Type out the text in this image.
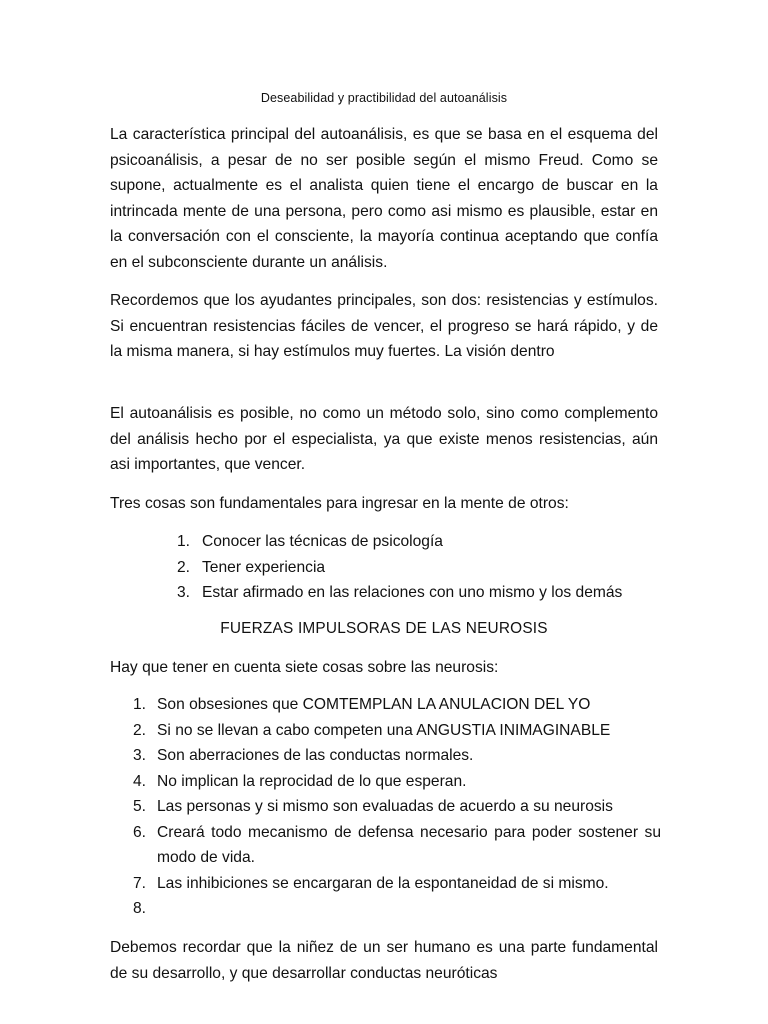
Deseabilidad y practibilidad del autoanálisis

La característica principal del autoanálisis, es que se basa en el esquema del psicoanálisis, a pesar de no ser posible según el mismo Freud. Como se supone, actualmente es el analista quien tiene el encargo de buscar en la intrincada mente de una persona, pero como asi mismo es plausible, estar en la conversación con el consciente, la mayoría continua aceptando que confía en el subconsciente durante un análisis.

Recordemos que los ayudantes principales, son dos: resistencias y estímulos. Si encuentran resistencias fáciles de vencer, el progreso se hará rápido, y de la misma manera, si hay estímulos muy fuertes. La visión dentro

El autoanálisis es posible, no como un método solo, sino como complemento del análisis hecho por el especialista, ya que existe menos resistencias, aún asi importantes, que vencer.

Tres cosas son fundamentales para ingresar en la mente de otros:

1. Conocer las técnicas de psicología
2. Tener experiencia
3. Estar afirmado en las relaciones con uno mismo y los demás
FUERZAS IMPULSORAS DE LAS NEUROSIS

Hay que tener en cuenta siete cosas sobre las neurosis:

1. Son obsesiones que COMTEMPLAN LA ANULACION DEL YO
2. Si no se llevan a cabo competen una ANGUSTIA INIMAGINABLE
3. Son aberraciones de las conductas normales.
4. No implican la reprocidad de lo que esperan.
5. Las personas y si mismo son evaluadas de acuerdo a su neurosis
6. Creará todo mecanismo de defensa necesario para poder sostener su modo de vida.
7. Las inhibiciones se encargaran de la espontaneidad de si mismo.
8.

Debemos recordar que la niñez de un ser humano es una parte fundamental de su desarrollo, y que desarrollar conductas neuróticas
